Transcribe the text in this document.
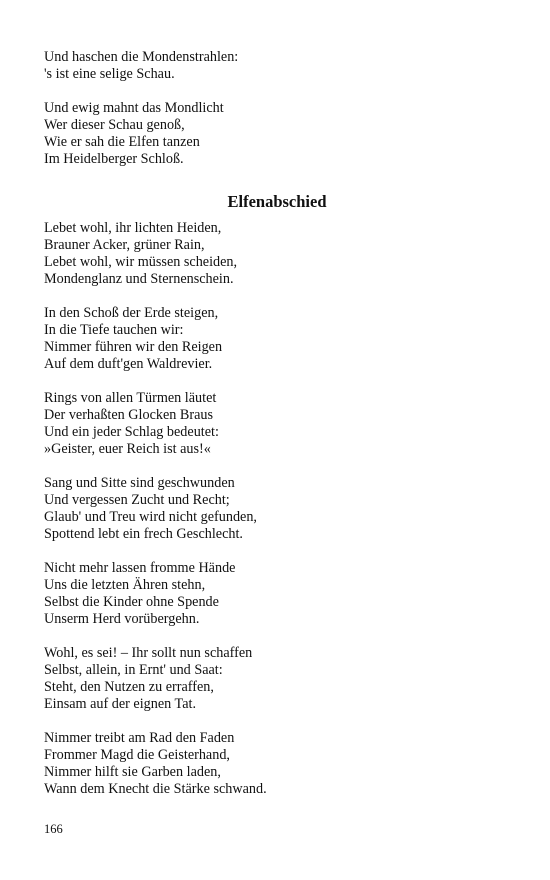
Und haschen die Mondenstrahlen:
's ist eine selige Schau.
Und ewig mahnt das Mondlicht
Wer dieser Schau genoß,
Wie er sah die Elfen tanzen
Im Heidelberger Schloß.
Elfenabschied
Lebet wohl, ihr lichten Heiden,
Brauner Acker, grüner Rain,
Lebet wohl, wir müssen scheiden,
Mondenglanz und Sternenschein.
In den Schoß der Erde steigen,
In die Tiefe tauchen wir:
Nimmer führen wir den Reigen
Auf dem duft'gen Waldrevier.
Rings von allen Türmen läutet
Der verhaßten Glocken Braus
Und ein jeder Schlag bedeutet:
»Geister, euer Reich ist aus!«
Sang und Sitte sind geschwunden
Und vergessen Zucht und Recht;
Glaub' und Treu wird nicht gefunden,
Spottend lebt ein frech Geschlecht.
Nicht mehr lassen fromme Hände
Uns die letzten Ähren stehn,
Selbst die Kinder ohne Spende
Unserm Herd vorübergehn.
Wohl, es sei! – Ihr sollt nun schaffen
Selbst, allein, in Ernt' und Saat:
Steht, den Nutzen zu erraffen,
Einsam auf der eignen Tat.
Nimmer treibt am Rad den Faden
Frommer Magd die Geisterhand,
Nimmer hilft sie Garben laden,
Wann dem Knecht die Stärke schwand.
166
